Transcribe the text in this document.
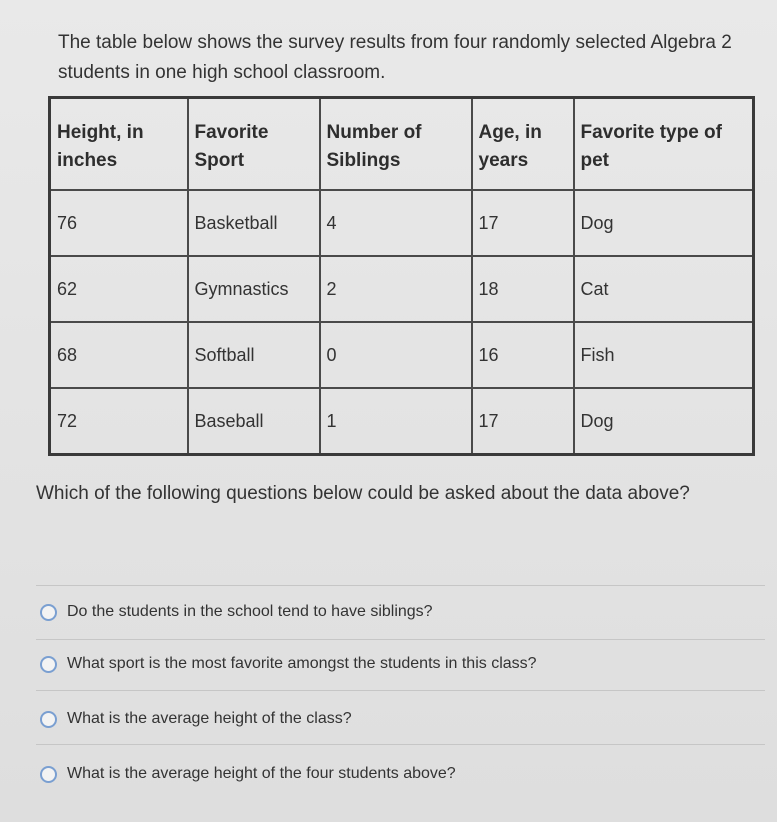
The table below shows the survey results from four randomly selected Algebra 2 students in one high school classroom.
Height, in inches	Favorite Sport	Number of Siblings	Age, in years	Favorite type of pet
76	Basketball	4	17	Dog
62	Gymnastics	2	18	Cat
68	Softball	0	16	Fish
72	Baseball	1	17	Dog
Which of the following questions below could be asked about the data above?
Do the students in the school tend to have siblings?
What sport is the most favorite amongst the students in this class?
What is the average height of the class?
What is the average height of the four students above?
